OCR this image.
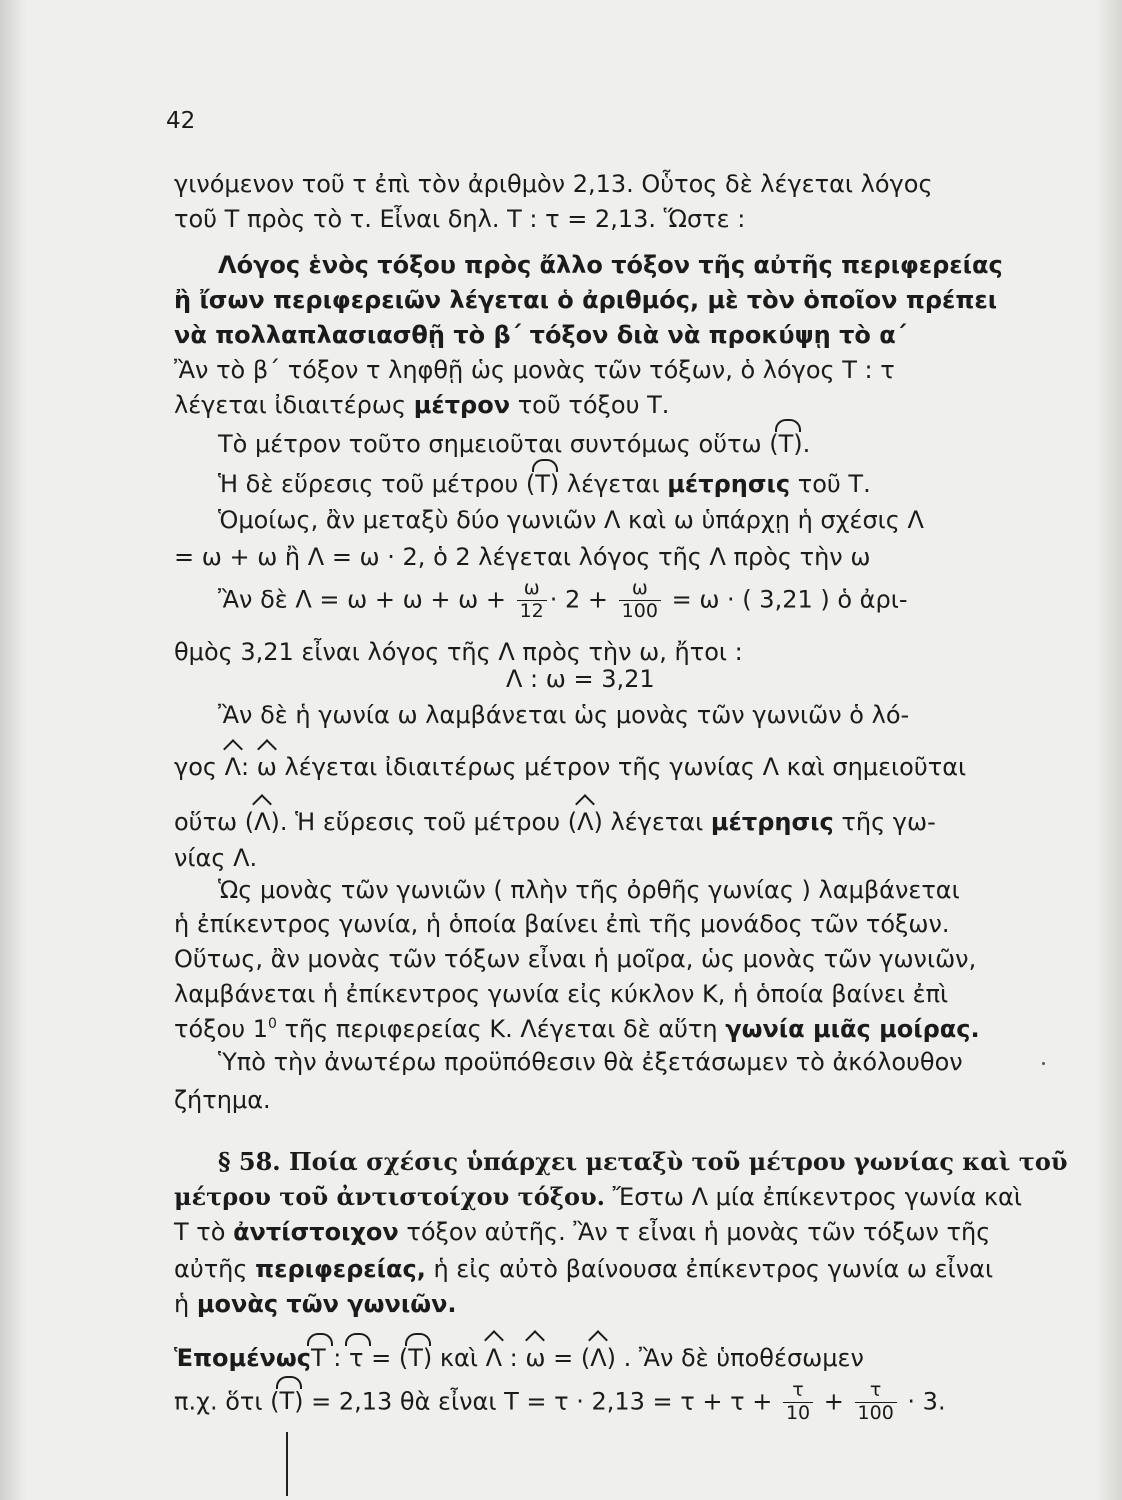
42
γινόμενον τοῦ τ ἐπὶ τὸν ἀριθμὸν 2,13. Οὗτος δὲ λέγεται λόγος
τοῦ Τ πρὸς τὸ τ. Εἶναι δηλ. Τ : τ = 2,13. Ὥστε :
Λόγος ἑνὸς τόξου πρὸς ἄλλο τόξον τῆς αὐτῆς περιφερείας
ἢ ἴσων περιφερειῶν λέγεται ὁ ἀριθμός, μὲ τὸν ὁποῖον πρέπει
νὰ πολλαπλασιασθῇ τὸ β΄ τόξον διὰ νὰ προκύψῃ τὸ α΄
Ἂν τὸ β΄ τόξον τ ληφθῇ ὡς μονὰς τῶν τόξων, ὁ λόγος Τ : τ
λέγεται ἰδιαιτέρως μέτρον τοῦ τόξου Τ.
Τὸ μέτρον τοῦτο σημειοῦται συντόμως οὕτω (Τ).
Ἡ δὲ εὕρεσις τοῦ μέτρου (Τ) λέγεται μέτρησις τοῦ Τ.
Ὁμοίως, ἂν μεταξὺ δύο γωνιῶν Λ καὶ ω ὑπάρχῃ ἡ σχέσις Λ
= ω + ω ἢ Λ = ω · 2, ὁ 2 λέγεται λόγος τῆς Λ πρὸς τὴν ω
Ἂν δὲ $\Lambda = \omega + \omega + \omega + \frac{\omega}{12} \cdot 2 + \frac{\omega}{100} = \omega$ · ( 3,21 ) ὁ ἀρι-
θμὸς 3,21 εἶναι λόγος τῆς Λ πρὸς τὴν ω, ἤτοι :
Λ : ω = 3,21
Ἂν δὲ ἡ γωνία ω λαμβάνεται ὡς μονὰς τῶν γωνιῶν ὁ λό-
γος Λ: ω λέγεται ἰδιαιτέρως μέτρον τῆς γωνίας Λ καὶ σημειοῦται
οὕτω (Λ). Ἡ εὕρεσις τοῦ μέτρου (Λ) λέγεται μέτρησις τῆς γω-
νίας Λ.
Ὡς μονὰς τῶν γωνιῶν ( πλὴν τῆς ὀρθῆς γωνίας ) λαμβάνεται
ἡ ἐπίκεντρος γωνία, ἡ ὁποία βαίνει ἐπὶ τῆς μονάδος τῶν τόξων.
Οὕτως, ἂν μονὰς τῶν τόξων εἶναι ἡ μοῖρα, ὡς μονὰς τῶν γωνιῶν,
λαμβάνεται ἡ ἐπίκεντρος γωνία εἰς κύκλον Κ, ἡ ὁποία βαίνει ἐπὶ
τόξου $1^0$ τῆς περιφερείας Κ. Λέγεται δὲ αὕτη γωνία μιᾶς μοίρας.
Ὑπὸ τὴν ἀνωτέρω προϋπόθεσιν θὰ ἐξετάσωμεν τὸ ἀκόλουθον
ζήτημα.
§ 58. Ποία σχέσις ὑπάρχει μεταξὺ τοῦ μέτρου γωνίας καὶ τοῦ
μέτρου τοῦ ἀντιστοίχου τόξου. Ἔστω Λ μία ἐπίκεντρος γωνία καὶ
Τ τὸ ἀντίστοιχον τόξον αὐτῆς. Ἂν τ εἶναι ἡ μονὰς τῶν τόξων τῆς
αὐτῆς περιφερείας, ἡ εἰς αὐτὸ βαίνουσα ἐπίκεντρος γωνία ω εἶναι
ἡ μονὰς τῶν γωνιῶν.
ἙπομένωςΤ : τ = (Τ) καὶ Λ : ω = (Λ) . Ἂν δὲ ὑποθέσωμεν
π.χ. ὅτι (Τ) = 2,13 θὰ εἶναι $T = \tau \cdot 2,13 = \tau + \tau + \frac{\tau}{10} + \frac{\tau}{100} \cdot 3$.
